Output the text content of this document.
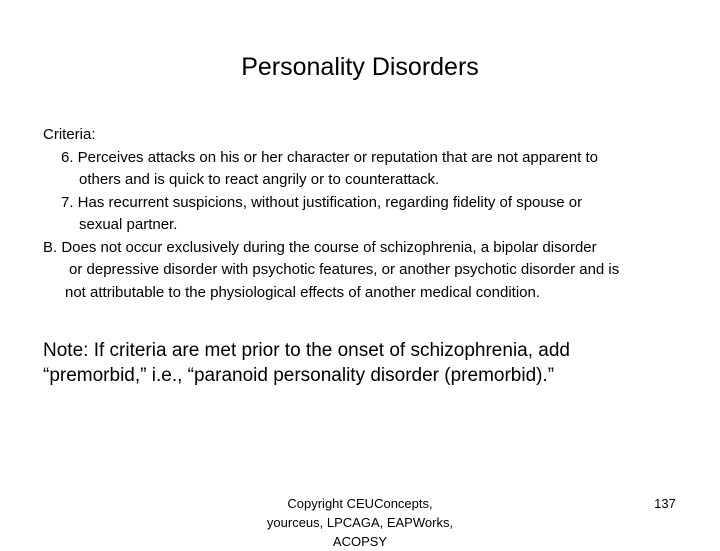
Personality Disorders
Criteria:
6. Perceives attacks on his or her character or reputation that are not apparent to
others and is quick to react angrily or to counterattack.
7. Has recurrent suspicions, without justification, regarding fidelity of spouse or
sexual partner.
B. Does not occur exclusively during the course of schizophrenia, a bipolar disorder
or depressive disorder with psychotic features, or another psychotic disorder and is
not attributable to the physiological effects of another medical condition.
Note: If criteria are met prior to the onset of schizophrenia, add
“premorbid,” i.e., “paranoid personality disorder (premorbid).”
Copyright CEUConcepts,
yourceus, LPCAGA, EAPWorks,
ACOPSY
137
